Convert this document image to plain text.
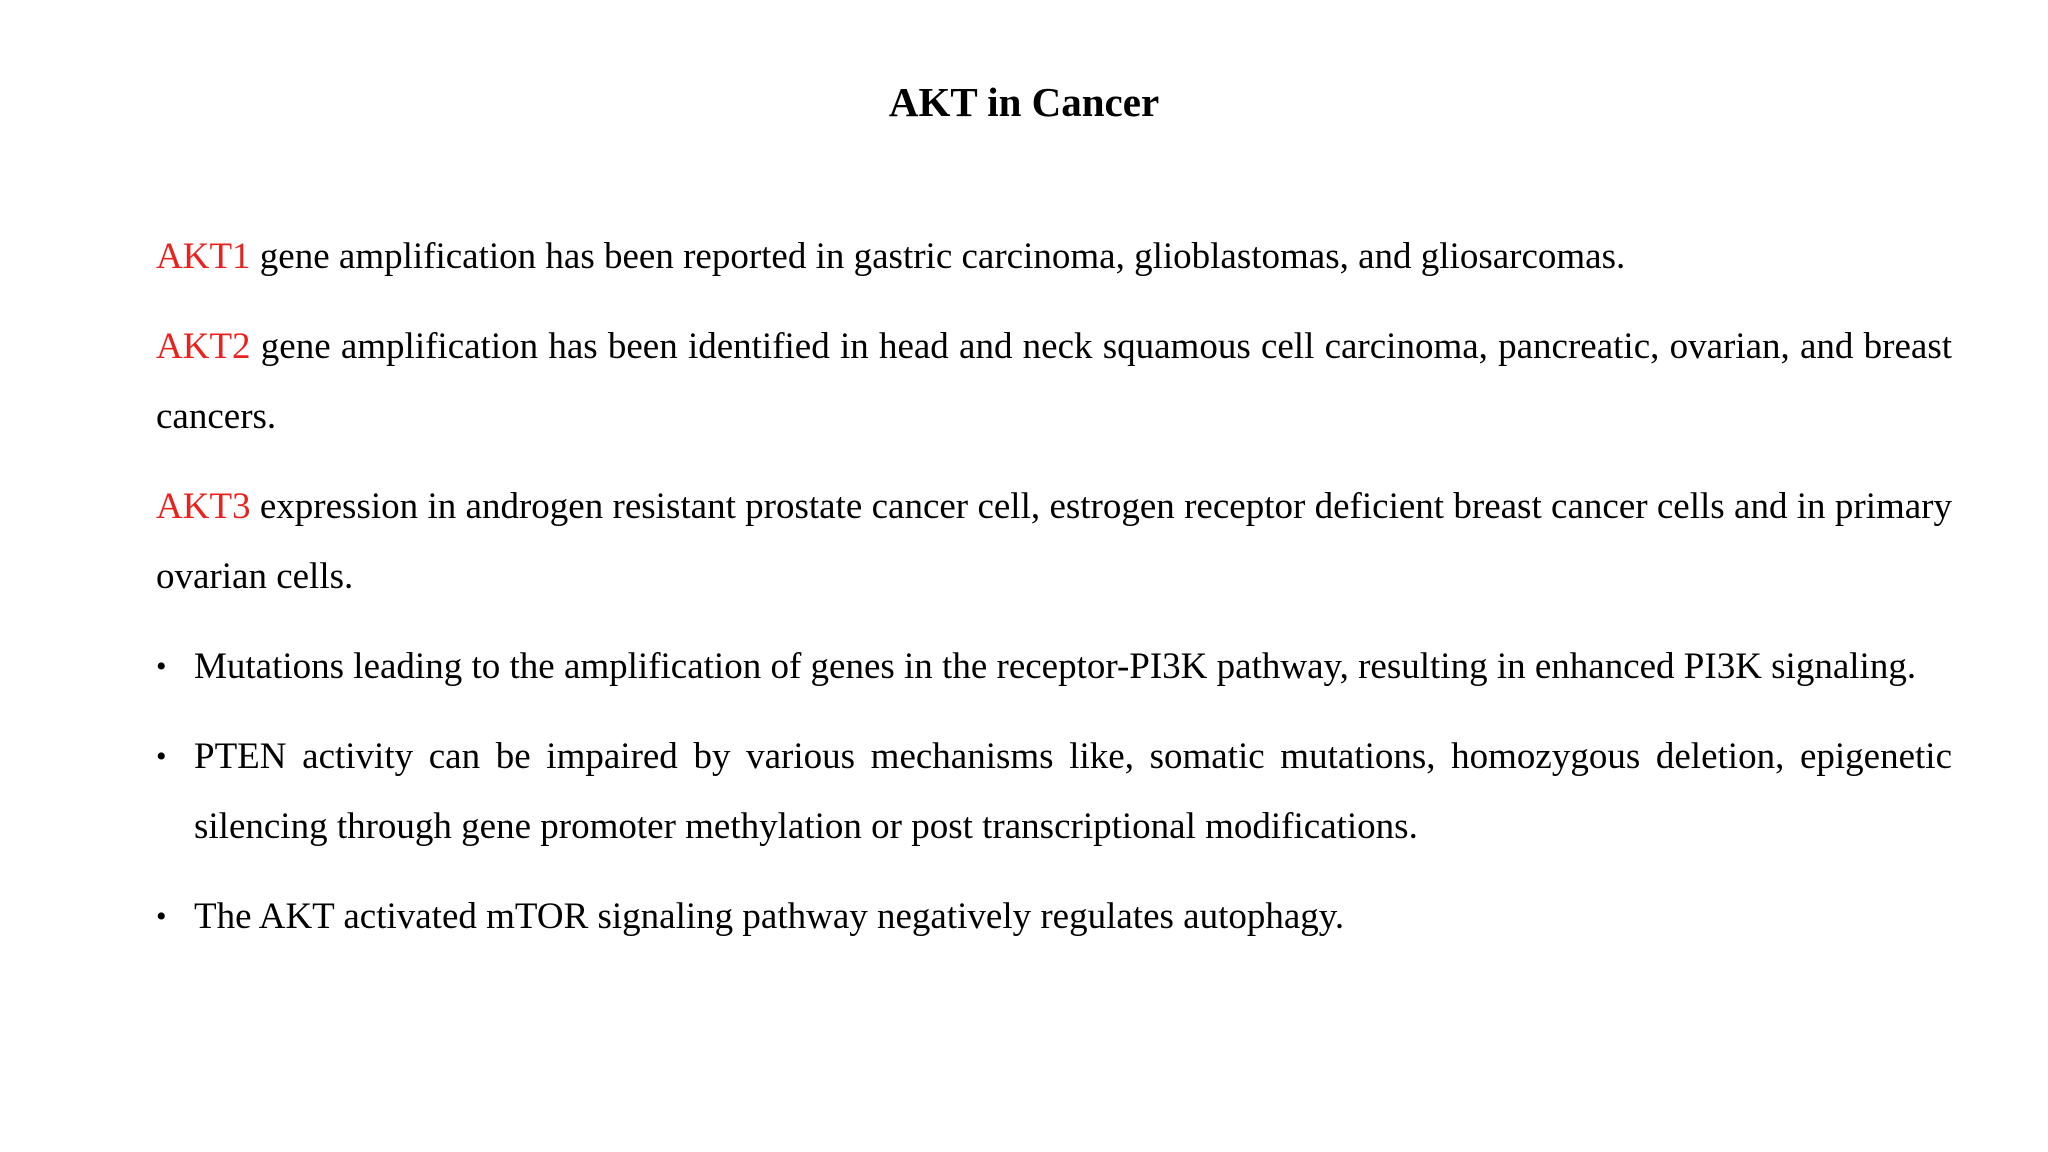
AKT in Cancer

AKT1 gene amplification has been reported in gastric carcinoma, glioblastomas, and gliosarcomas.

AKT2 gene amplification has been identified in head and neck squamous cell carcinoma, pancreatic, ovarian, and breast cancers.

AKT3 expression in androgen resistant prostate cancer cell, estrogen receptor deficient breast cancer cells and in primary ovarian cells.

• Mutations leading to the amplification of genes in the receptor-PI3K pathway, resulting in enhanced PI3K signaling.
• PTEN activity can be impaired by various mechanisms like, somatic mutations, homozygous deletion, epigenetic silencing through gene promoter methylation or post transcriptional modifications.
• The AKT activated mTOR signaling pathway negatively regulates autophagy.
